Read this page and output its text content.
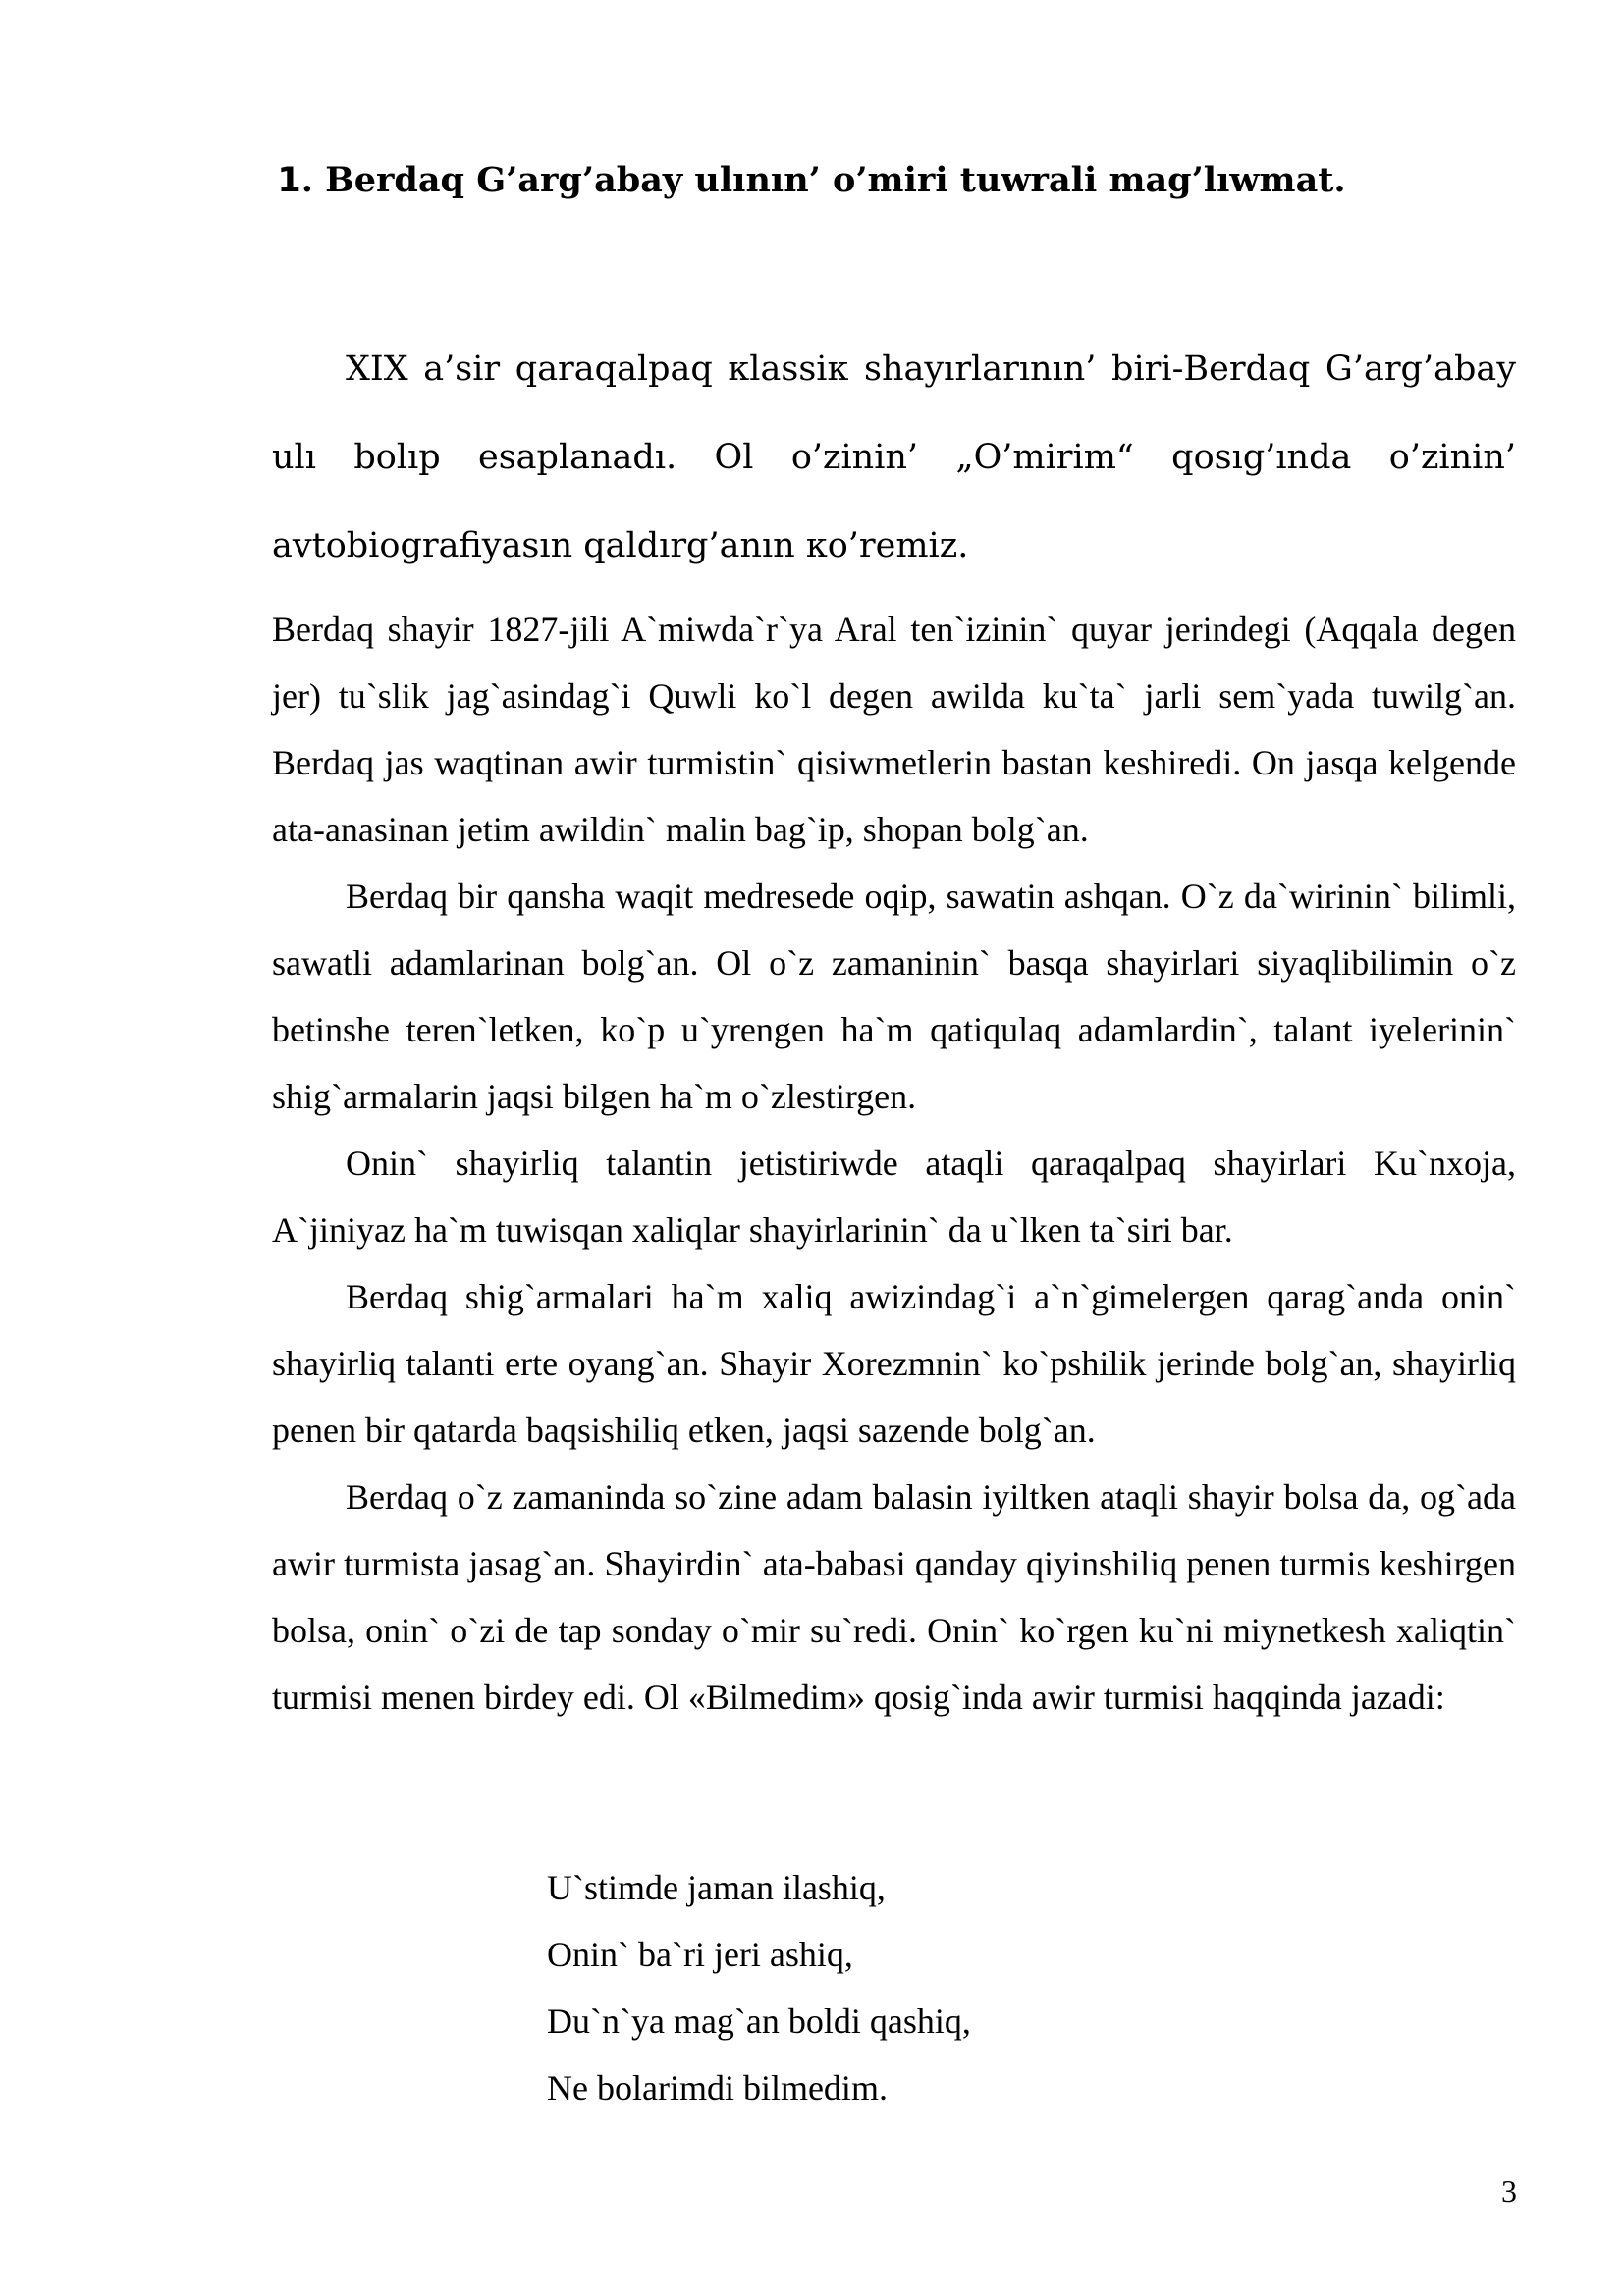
1. Berdaq G’arg’abay ulının’ o’miri tuwrali mag’lıwmat.
XIX a’sir qaraqalpaq кlassiк shayırlarının’ biri-Berdaq G’arg’abay ulı bolıp esaplanadı. Ol o’zinin’ „O’mirim“ qosıg’ında o’zinin’ avtobiografiyasın qaldırg’anın кo’remiz.

Berdaq shayir 1827-jili A`miwda`r`ya Aral ten`izinin` quyar jerindegi (Aqqala degen jer) tu`slik jag`asindag`i Quwli ko`l degen awilda ku`ta` jarli sem`yada tuwilg`an. Berdaq jas waqtinan awir turmistin` qisiwmetlerin bastan keshiredi. On jasqa kelgende ata-anasinan jetim awildin` malin bag`ip, shopan bolg`an.

Berdaq bir qansha waqit medresede oqip, sawatin ashqan. O`z da`wirinin` bilimli, sawatli adamlarinan bolg`an. Ol o`z zamaninin` basqa shayirlari siyaqlibilimin o`z betinshe teren`letken, ko`p u`yrengen ha`m qatiqulaq adamlardin`, talant iyelerinin` shig`armalarin jaqsi bilgen ha`m o`zlestirgen.

Onin` shayirliq talantin jetistiriwde ataqli qaraqalpaq shayirlari Ku`nxoja, A`jiniyaz ha`m tuwisqan xaliqlar shayirlarinin` da u`lken ta`siri bar.

Berdaq shig`armalari ha`m xaliq awizindag`i a`n`gimelergen qarag`anda onin` shayirliq talanti erte oyang`an. Shayir Xorezmnin` ko`pshilik jerinde bolg`an, shayirliq penen bir qatarda baqsishiliq etken, jaqsi sazende bolg`an.

Berdaq o`z zamaninda so`zine adam balasin iyiltken ataqli shayir bolsa da, og`ada awir turmista jasag`an. Shayirdin` ata-babasi qanday qiyinshiliq penen turmis keshirgen bolsa, onin` o`zi de tap sonday o`mir su`redi. Onin` ko`rgen ku`ni miynetkesh xaliqtin` turmisi menen birdey edi. Ol «Bilmedim» qosig`inda awir turmisi haqqinda jazadi:

U`stimde jaman ilashiq,
Onin` ba`ri jeri ashiq,
Du`n`ya mag`an boldi qashiq,
Ne bolarimdi bilmedim.
3
